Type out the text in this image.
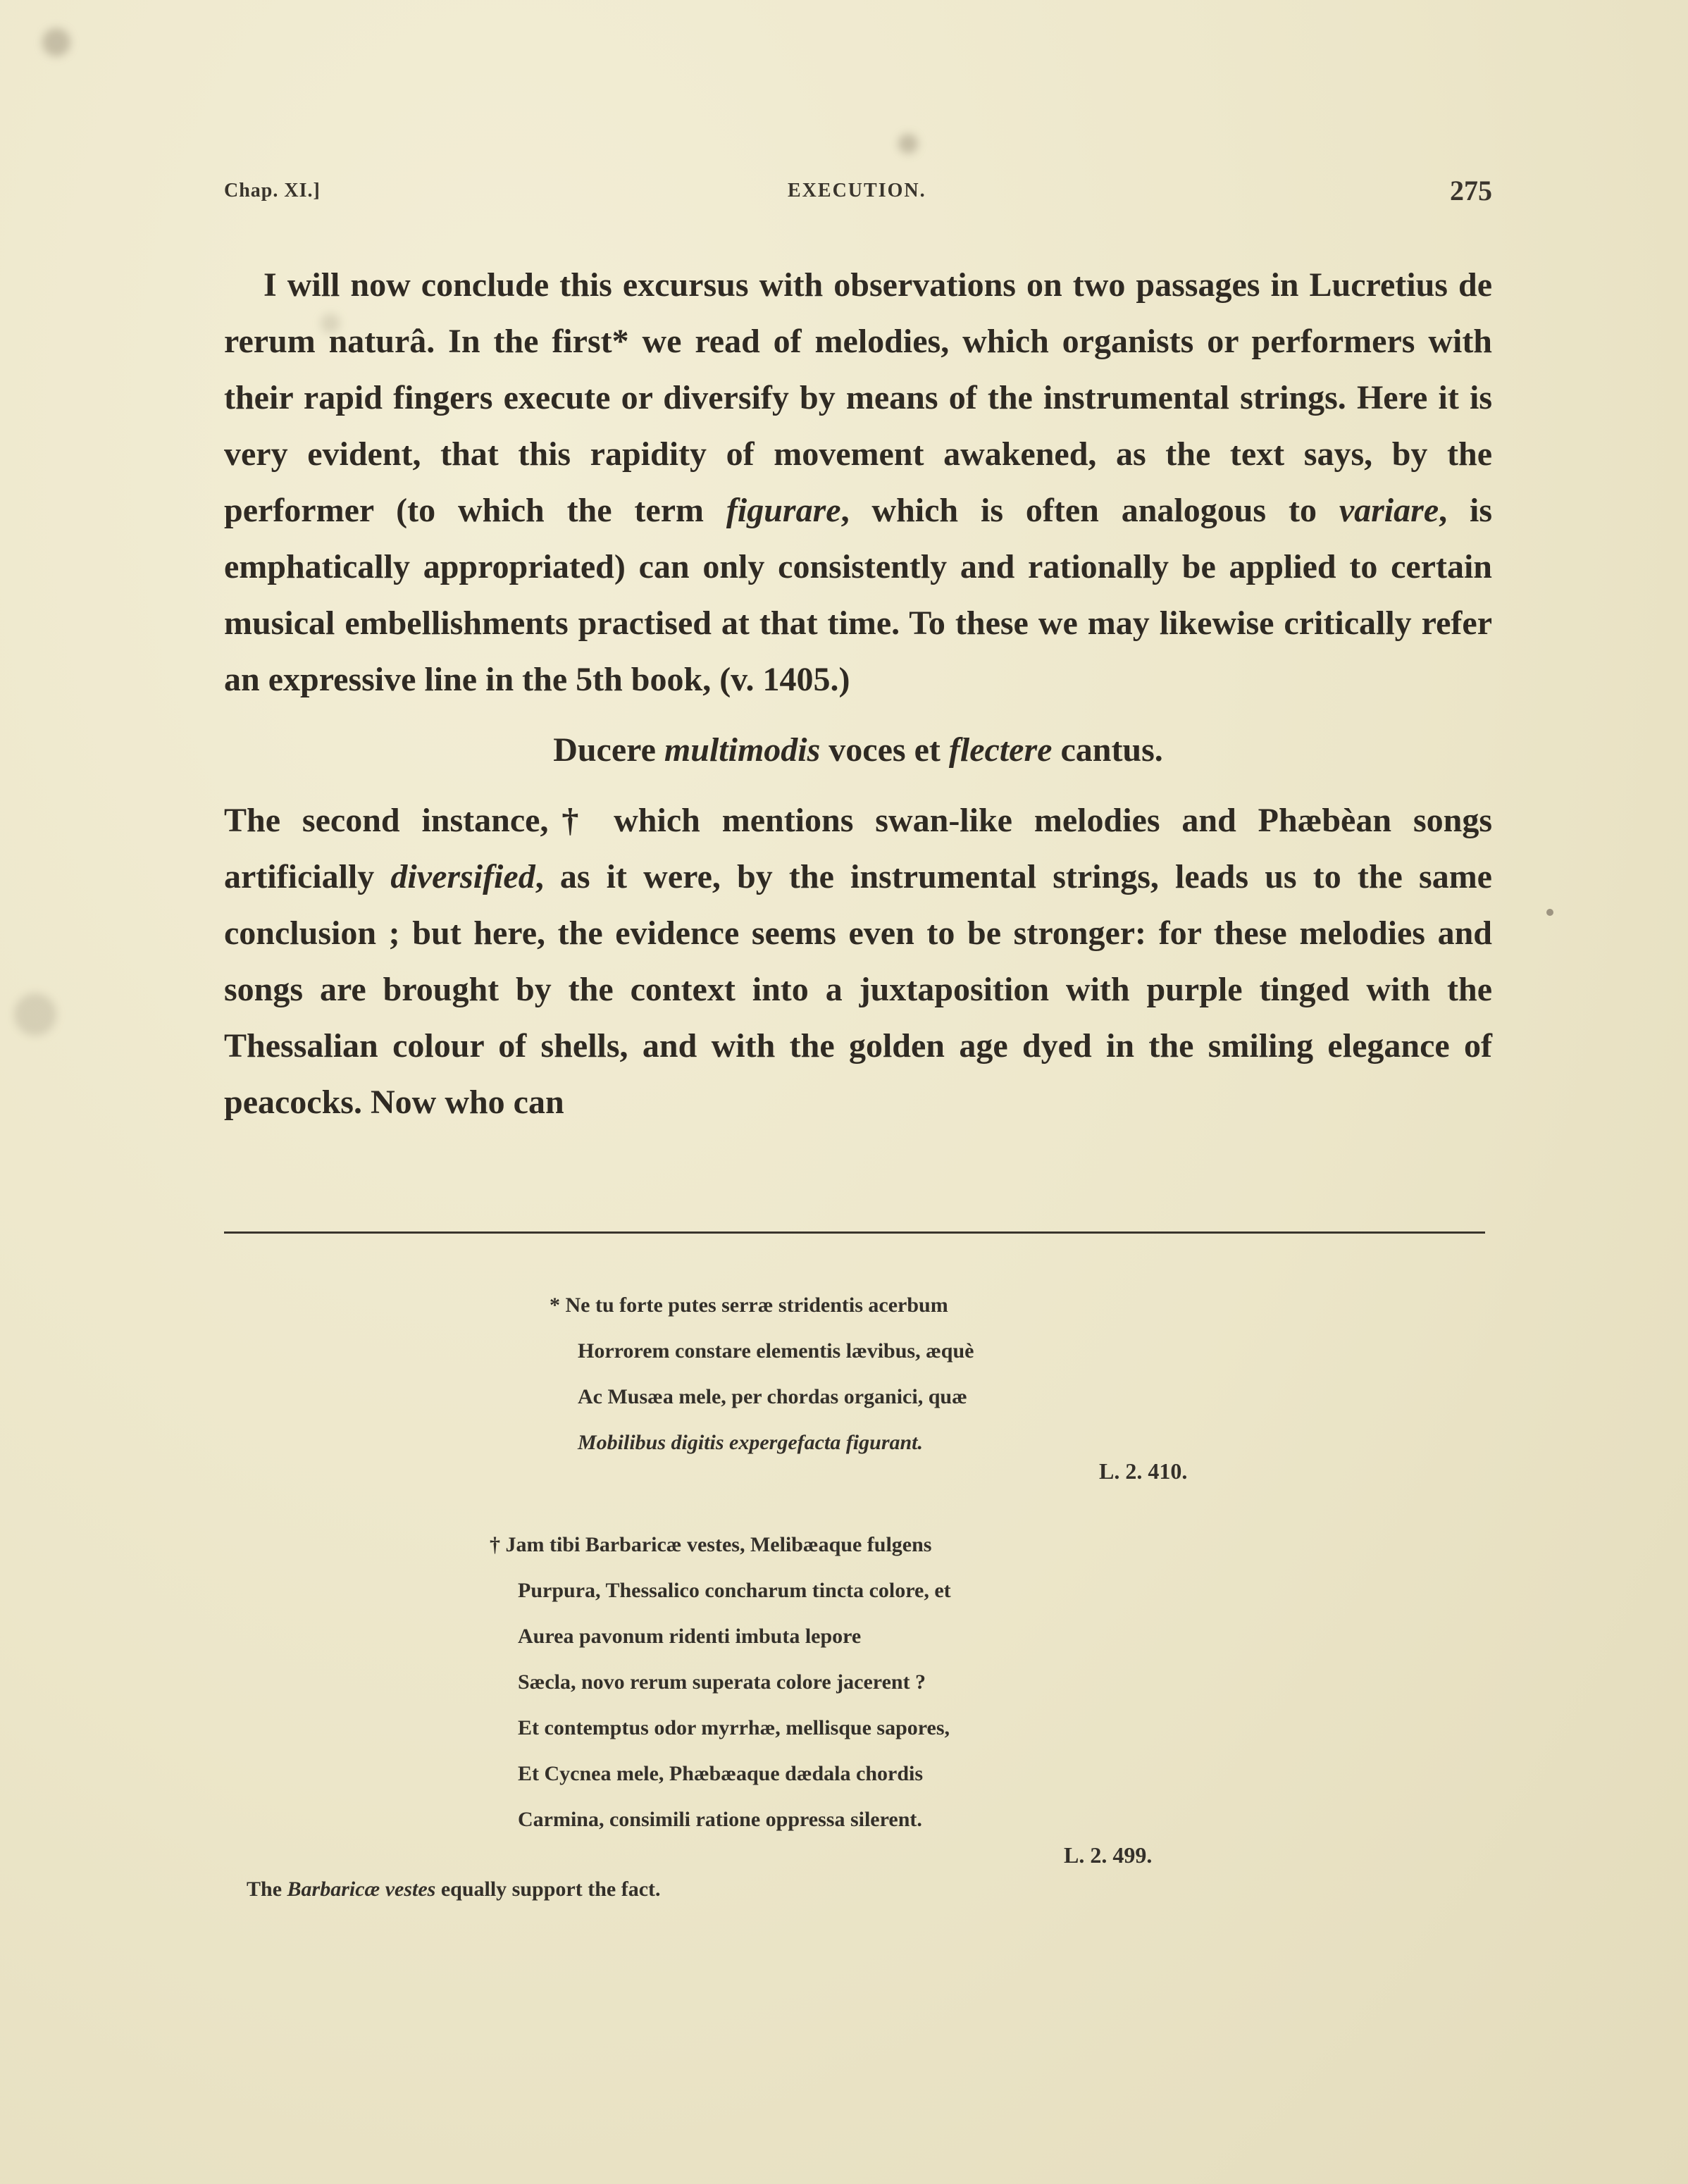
Chap. XI.]	EXECUTION.	275

I will now conclude this excursus with observations on two passages in Lucretius de rerum naturâ. In the first* we read of melodies, which organists or performers with their rapid fingers execute or diversify by means of the instrumental strings. Here it is very evident, that this rapidity of movement awakened, as the text says, by the performer (to which the term figurare, which is often analogous to variare, is emphatically appropriated) can only consistently and rationally be applied to certain musical embellishments practised at that time. To these we may likewise critically refer an expressive line in the 5th book, (v. 1405.)

Ducere multimodis voces et flectere cantus.

The second instance,† which mentions swan-like melodies and Phæbèan songs artificially diversified, as it were, by the instrumental strings, leads us to the same conclusion ; but here, the evidence seems even to be stronger: for these melodies and songs are brought by the context into a juxtaposition with purple tinged with the Thessalian colour of shells, and with the golden age dyed in the smiling elegance of peacocks. Now who can

* Ne tu forte putes serræ stridentis acerbum
Horrorem constare elementis lævibus, æquè
Ac Musæa mele, per chordas organici, quæ
Mobilibus digitis expergefacta figurant.
L. 2. 410.
† Jam tibi Barbaricæ vestes, Melibæaque fulgens
Purpura, Thessalico concharum tincta colore, et
Aurea pavonum ridenti imbuta lepore
Sæcla, novo rerum superata colore jacerent ?
Et contemptus odor myrrhæ, mellisque sapores,
Et Cycnea mele, Phæbæaque dædala chordis
Carmina, consimili ratione oppressa silerent.
L. 2. 499.
The Barbaricæ vestes equally support the fact.
